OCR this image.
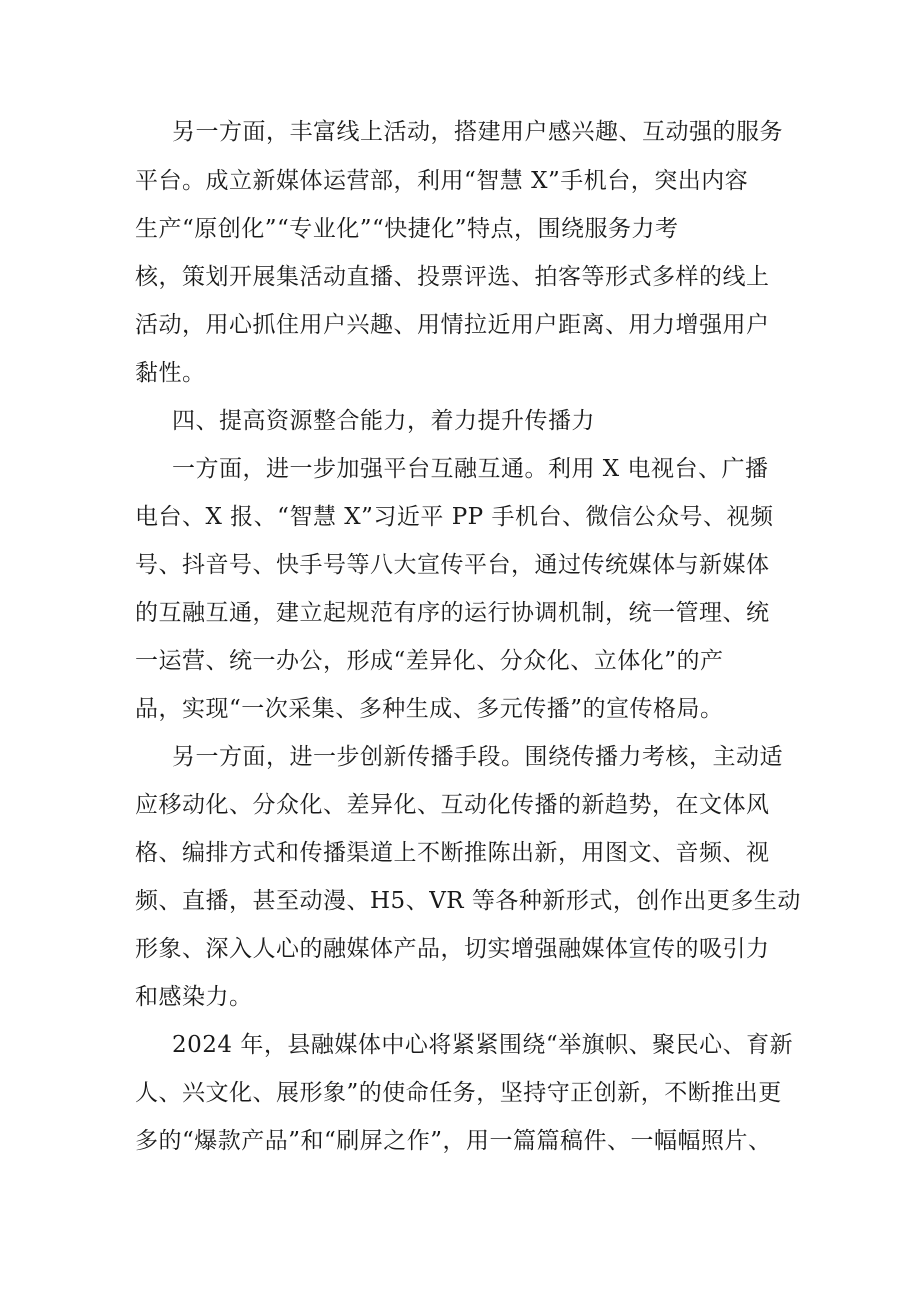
另一方面，丰富线上活动，搭建用户感兴趣、互动强的服务
平台。成立新媒体运营部，利用“智慧 X”手机台，突出内容
生产“原创化”“专业化”“快捷化”特点，围绕服务力考
核，策划开展集活动直播、投票评选、拍客等形式多样的线上
活动，用心抓住用户兴趣、用情拉近用户距离、用力增强用户
黏性。
四、提高资源整合能力，着力提升传播力
一方面，进一步加强平台互融互通。利用 X 电视台、广播
电台、X 报、“智慧 X”习近平 PP 手机台、微信公众号、视频
号、抖音号、快手号等八大宣传平台，通过传统媒体与新媒体
的互融互通，建立起规范有序的运行协调机制，统一管理、统
一运营、统一办公，形成“差异化、分众化、立体化”的产
品，实现“一次采集、多种生成、多元传播”的宣传格局。
另一方面，进一步创新传播手段。围绕传播力考核，主动适
应移动化、分众化、差异化、互动化传播的新趋势，在文体风
格、编排方式和传播渠道上不断推陈出新，用图文、音频、视
频、直播，甚至动漫、H5、VR 等各种新形式，创作出更多生动
形象、深入人心的融媒体产品，切实增强融媒体宣传的吸引力
和感染力。
2024 年，县融媒体中心将紧紧围绕“举旗帜、聚民心、育新
人、兴文化、展形象”的使命任务，坚持守正创新，不断推出更
多的“爆款产品”和“刷屏之作”，用一篇篇稿件、一幅幅照片、
